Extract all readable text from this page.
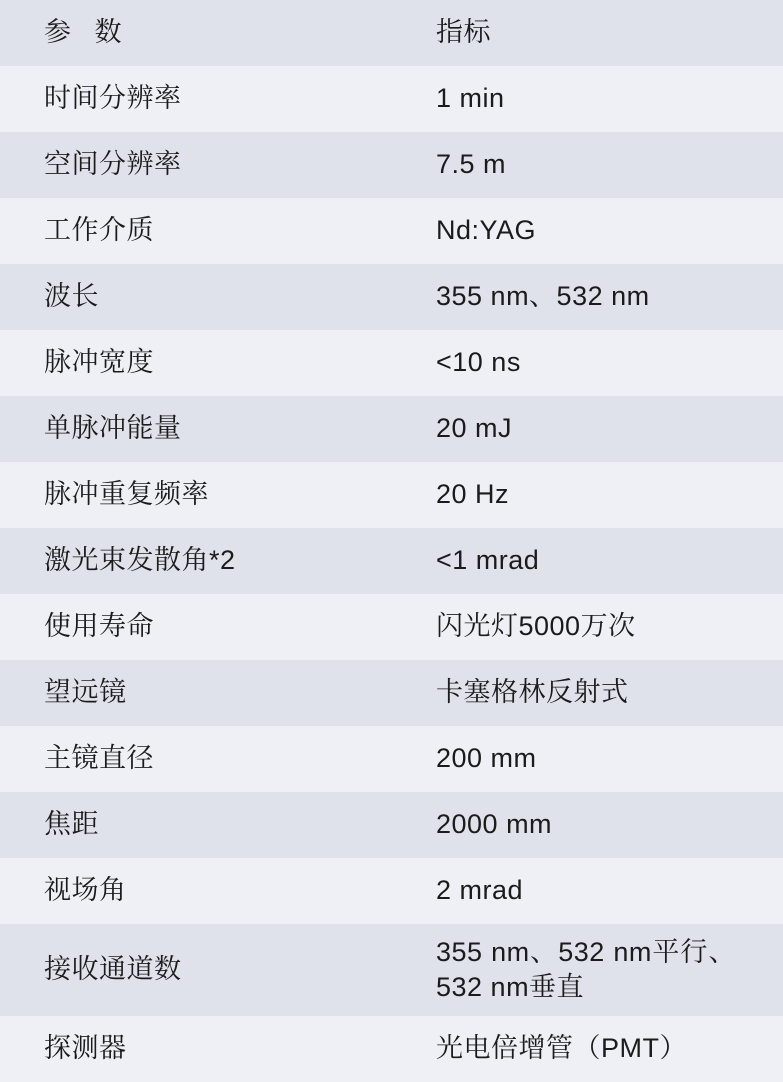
参 数	指标
时间分辨率	1 min
空间分辨率	7.5 m
工作介质	Nd:YAG
波长	355 nm、532 nm
脉冲宽度	<10 ns
单脉冲能量	20 mJ
脉冲重复频率	20 Hz
激光束发散角*2	<1 mrad
使用寿命	闪光灯5000万次
望远镜	卡塞格林反射式
主镜直径	200 mm
焦距	2000 mm
视场角	2 mrad
接收通道数	355 nm、532 nm平行、
532 nm垂直

探测器	光电倍增管（PMT）
